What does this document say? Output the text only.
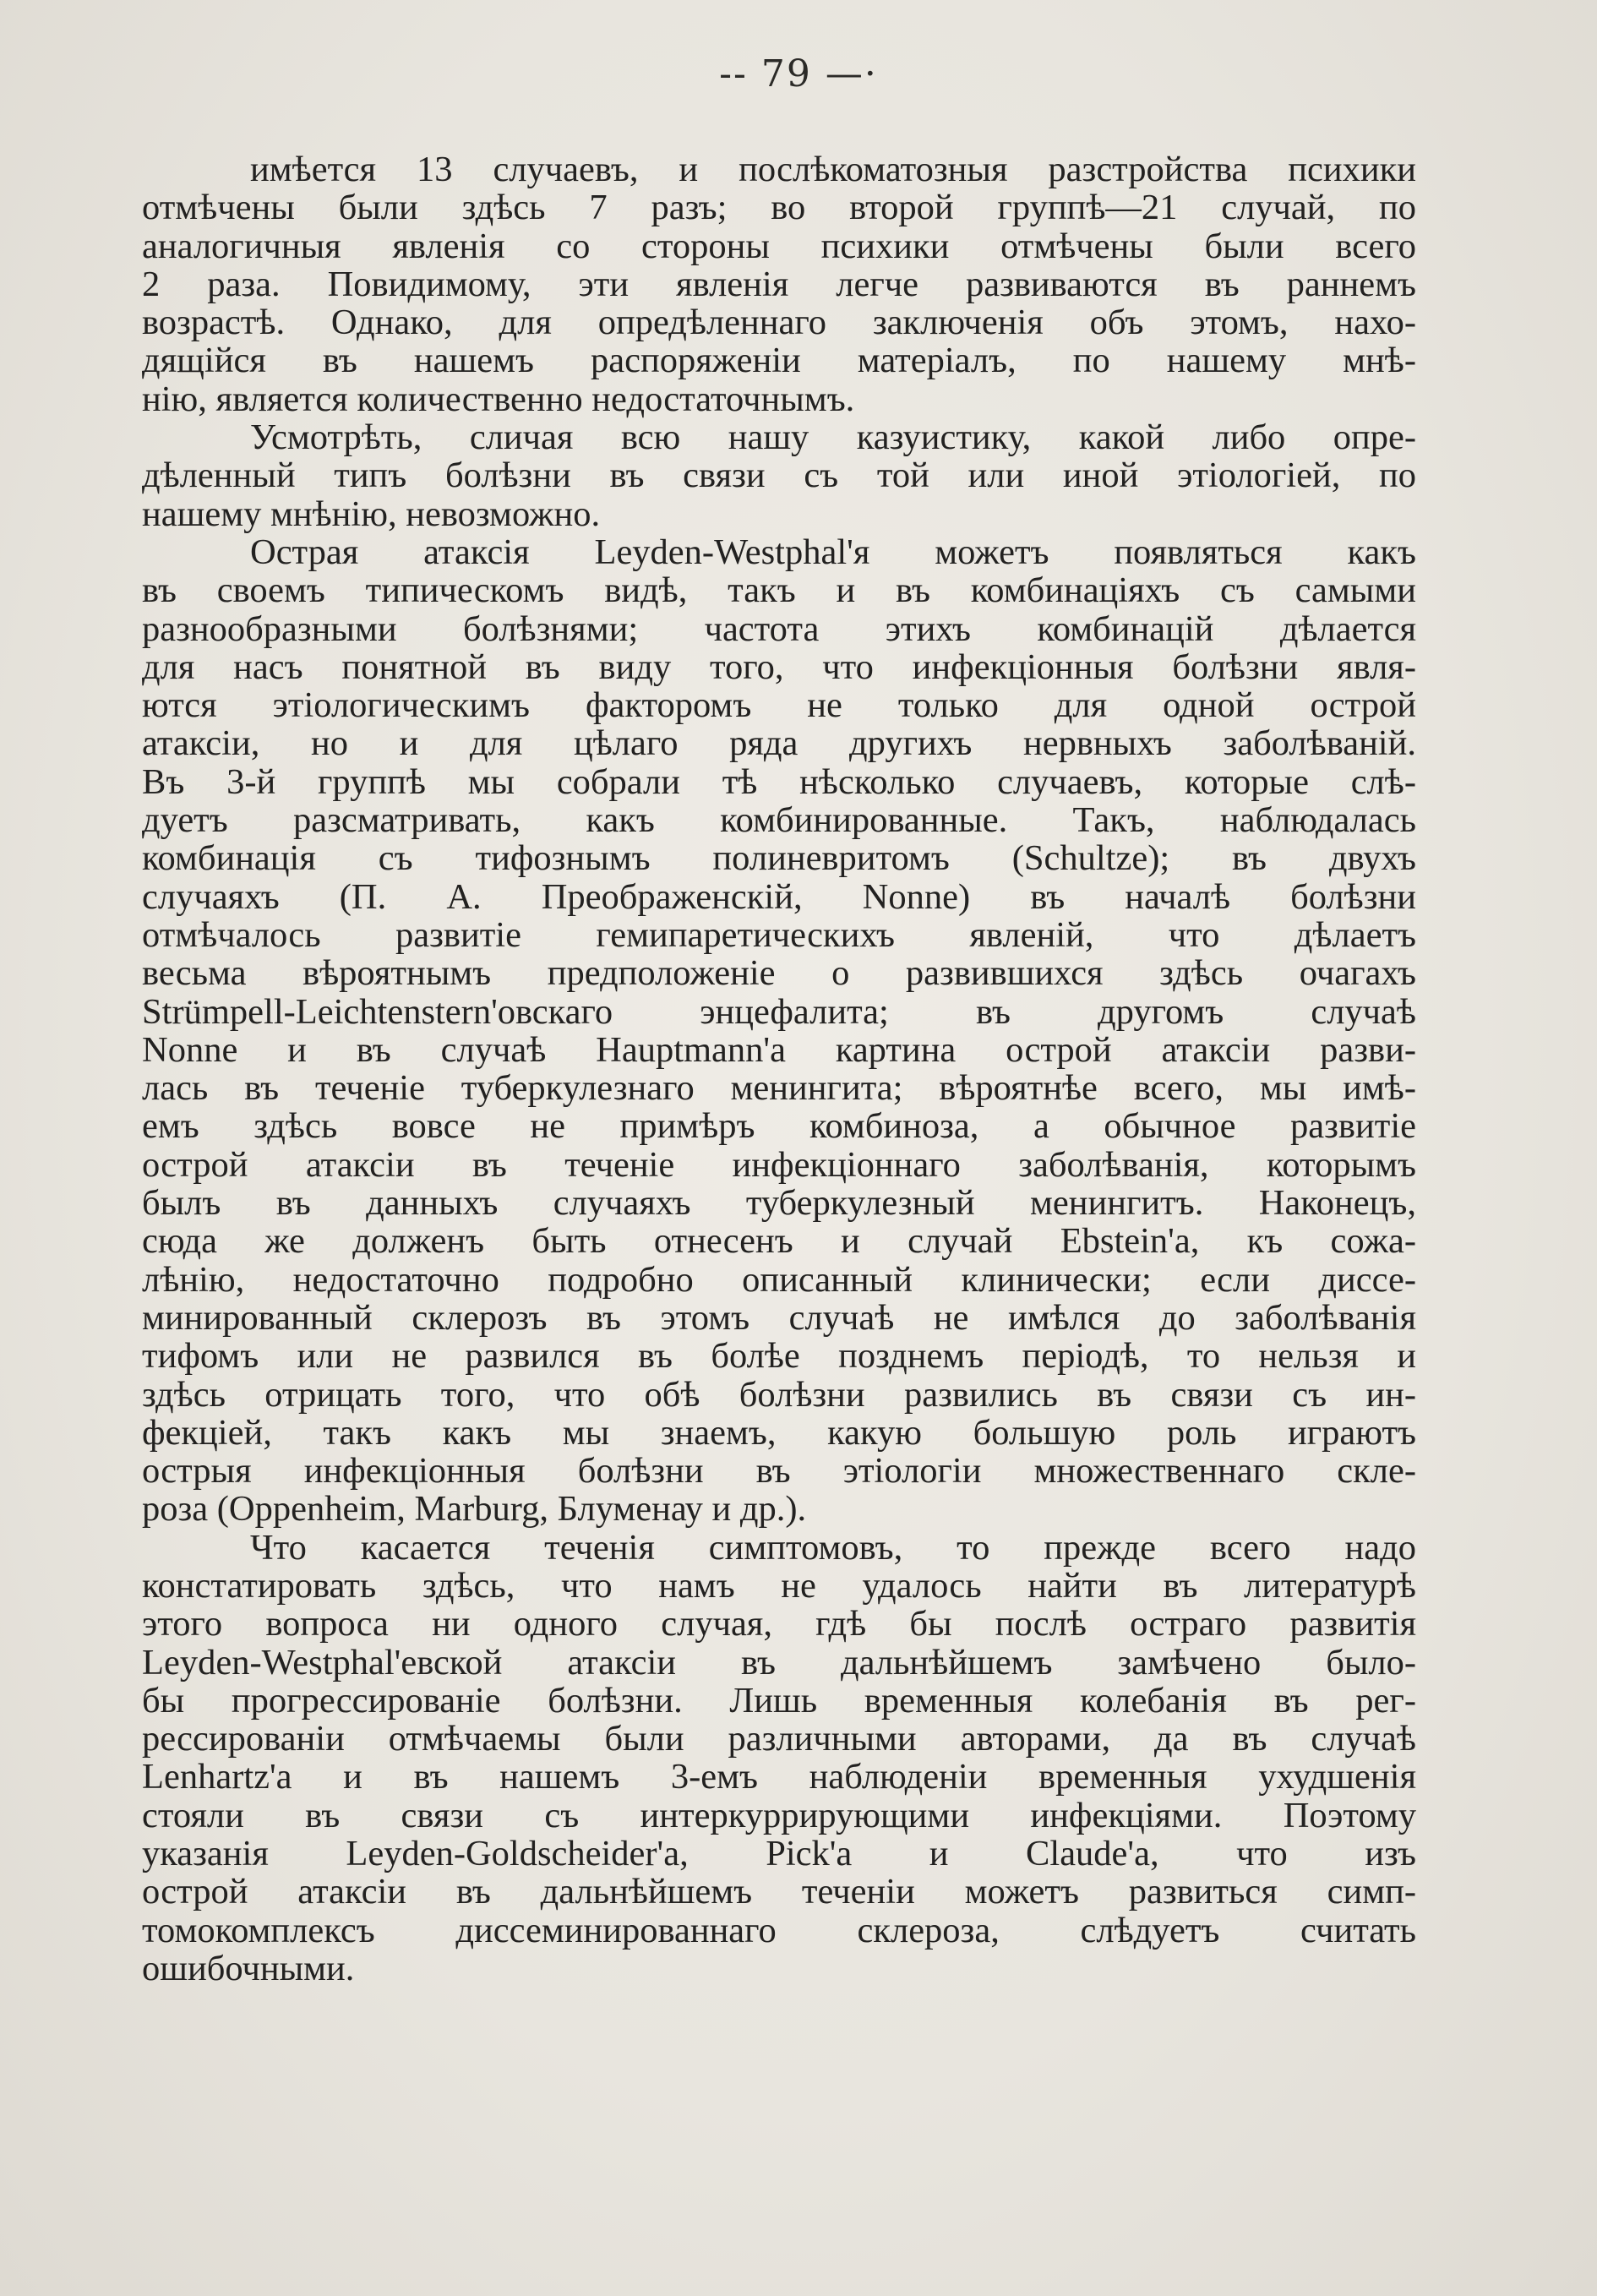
-- 79 —·
имѣется 13 случаевъ, и послѣкоматозныя разстройства психики
отмѣчены были здѣсь 7 разъ; во второй группѣ—21 случай, по
аналогичныя явленія со стороны психики отмѣчены были всего
2 раза. Повидимому, эти явленія легче развиваются въ раннемъ
возрастѣ. Однако, для опредѣленнаго заключенія объ этомъ, нахо-
дящійся въ нашемъ распоряженіи матеріалъ, по нашему мнѣ-
нію, является количественно недостаточнымъ.
Усмотрѣть, сличая всю нашу казуистику, какой либо опре-
дѣленный типъ болѣзни въ связи съ той или иной этіологіей, по
нашему мнѣнію, невозможно.
Острая атаксія Leyden-Westphal'я можетъ появляться какъ
въ своемъ типическомъ видѣ, такъ и въ комбинаціяхъ съ самыми
разнообразными болѣзнями; частота этихъ комбинацій дѣлается
для насъ понятной въ виду того, что инфекціонныя болѣзни явля-
ются этіологическимъ факторомъ не только для одной острой
атаксіи, но и для цѣлаго ряда другихъ нервныхъ заболѣваній.
Въ 3-й группѣ мы собрали тѣ нѣсколько случаевъ, которые слѣ-
дуетъ разсматривать, какъ комбинированные. Такъ, наблюдалась
комбинація съ тифознымъ полиневритомъ (Schultze); въ двухъ
случаяхъ (П. А. Преображенскій, Nonne) въ началѣ болѣзни
отмѣчалось развитіе гемипаретическихъ явленій, что дѣлаетъ
весьма вѣроятнымъ предположеніе о развившихся здѣсь очагахъ
Strümpell-Leichtenstern'овскаго энцефалита; въ другомъ случаѣ
Nonne и въ случаѣ Hauptmann'а картина острой атаксіи разви-
лась въ теченіе туберкулезнаго менингита; вѣроятнѣе всего, мы имѣ-
емъ здѣсь вовсе не примѣръ комбиноза, а обычное развитіе
острой атаксіи въ теченіе инфекціоннаго заболѣванія, которымъ
былъ въ данныхъ случаяхъ туберкулезный менингитъ. Наконецъ,
сюда же долженъ быть отнесенъ и случай Ebstein'а, къ сожа-
лѣнію, недостаточно подробно описанный клинически; если диссе-
минированный склерозъ въ этомъ случаѣ не имѣлся до заболѣванія
тифомъ или не развился въ болѣе позднемъ періодѣ, то нельзя и
здѣсь отрицать того, что обѣ болѣзни развились въ связи съ ин-
фекціей, такъ какъ мы знаемъ, какую большую роль играютъ
острыя инфекціонныя болѣзни въ этіологіи множественнаго скле-
роза (Oppenheim, Marburg, Блуменау и др.).
Что касается теченія симптомовъ, то прежде всего надо
констатировать здѣсь, что намъ не удалось найти въ литературѣ
этого вопроса ни одного случая, гдѣ бы послѣ остраго развитія
Leyden-Westphal'евской атаксіи въ дальнѣйшемъ замѣчено было-
бы прогрессированіе болѣзни. Лишь временныя колебанія въ рег-
рессированіи отмѣчаемы были различными авторами, да въ случаѣ
Lenhartz'а и въ нашемъ 3-емъ наблюденіи временныя ухудшенія
стояли въ связи съ интеркуррирующими инфекціями. Поэтому
указанія Leyden-Goldscheider'а, Pick'а и Claude'а, что изъ
острой атаксіи въ дальнѣйшемъ теченіи можетъ развиться симп-
томокомплексъ диссеминированнаго склероза, слѣдуетъ считать
ошибочными.
